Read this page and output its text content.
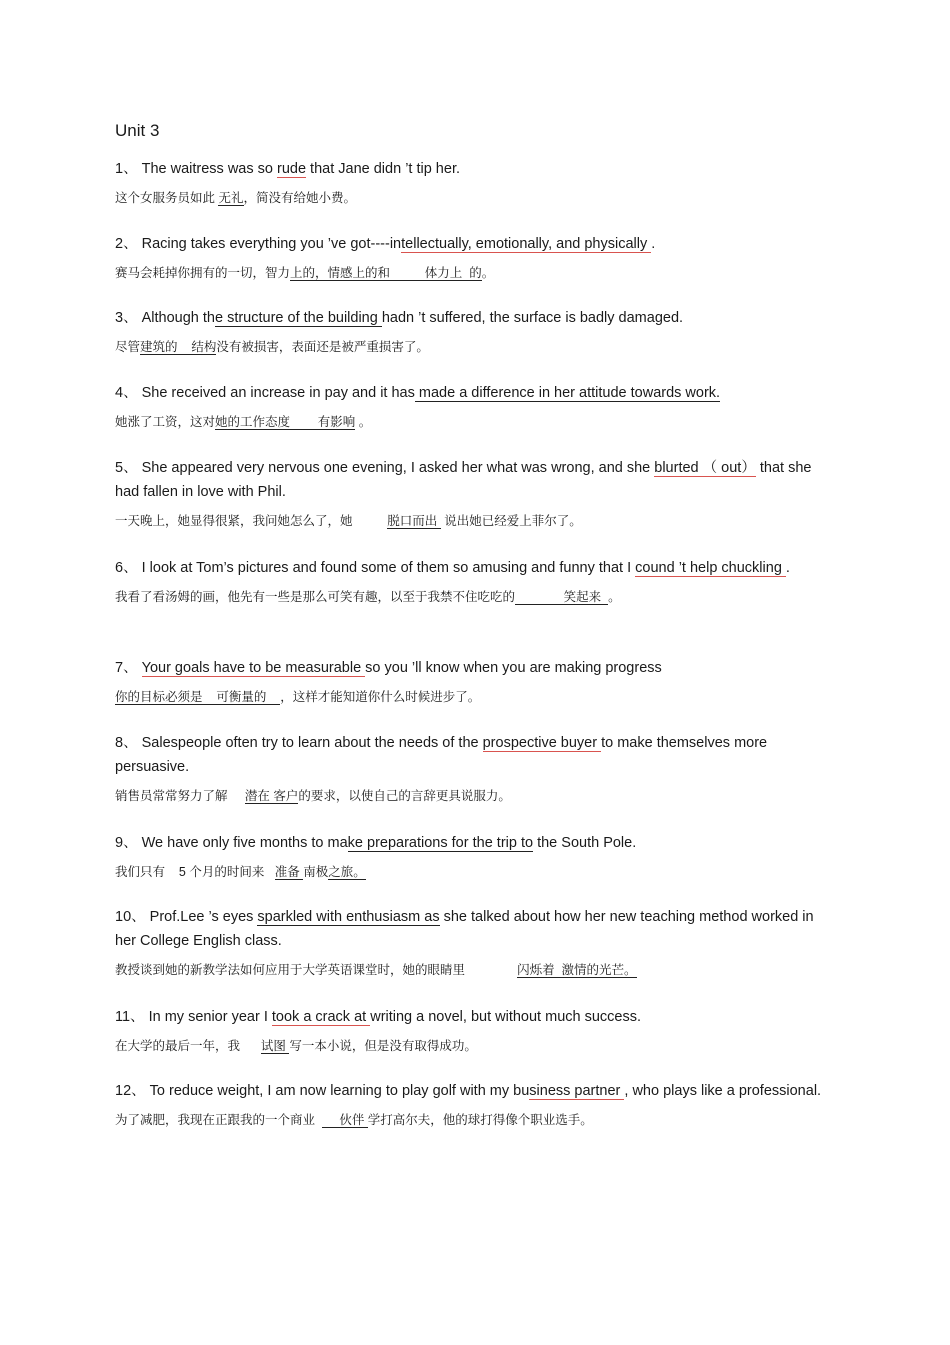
Unit 3

1、 The waitress was so rude that Jane didn ’t tip her.

这个女服务员如此 无礼，简没有给她小费。

2、 Racing takes everything you ’ve got----intellectually, emotionally, and physically .

赛马会耗掉你拥有的一切，智力上的，情感上的和          体力上  的。

3、 Although the structure of the building hadn ’t suffered, the surface is badly damaged.

尽管建筑的    结构没有被损害，表面还是被严重损害了。

4、 She received an increase in pay and it has made a difference in her attitude towards work.

她涨了工资，这对她的工作态度        有影响 。

5、 She appeared very nervous one evening, I asked her what was wrong, and she blurted （ out） that she had fallen in love with Phil.

一天晚上，她显得很紧，我问她怎么了，她          脱口而出  说出她已经爱上菲尔了。

6、 I look at Tom’s pictures and found some of them so amusing and funny that I cound ’t help chuckling .

我看了看汤姆的画，他先有一些是那么可笑有趣，以至于我禁不住吃吃的              笑起来  。

7、 Your goals have to be measurable so you ’ll know when you are making progress

你的目标必须是    可衡量的    ，这样才能知道你什么时候进步了。

8、 Salespeople often try to learn about the needs of the prospective buyer to make themselves more persuasive.

销售员常常努力了解     潜在 客户的要求，以使自己的言辞更具说服力。

9、 We have only five months to make preparations for the trip to the South Pole.

我们只有    5 个月的时间来   准备 南极之旅。

10、 Prof.Lee ’s eyes sparkled with enthusiasm as she talked about how her new teaching method worked in her College English class.

教授谈到她的新教学法如何应用于大学英语课堂时，她的眼睛里               闪烁着  激情的光芒。

11、 In my senior year I took a crack at writing a novel, but without much success.

在大学的最后一年，我      试图 写一本小说，但是没有取得成功。

12、 To reduce weight, I am now learning to play golf with my business partner , who plays like a professional.

为了减肥，我现在正跟我的一个商业       伙伴 学打高尔夫，他的球打得像个职业选手。
